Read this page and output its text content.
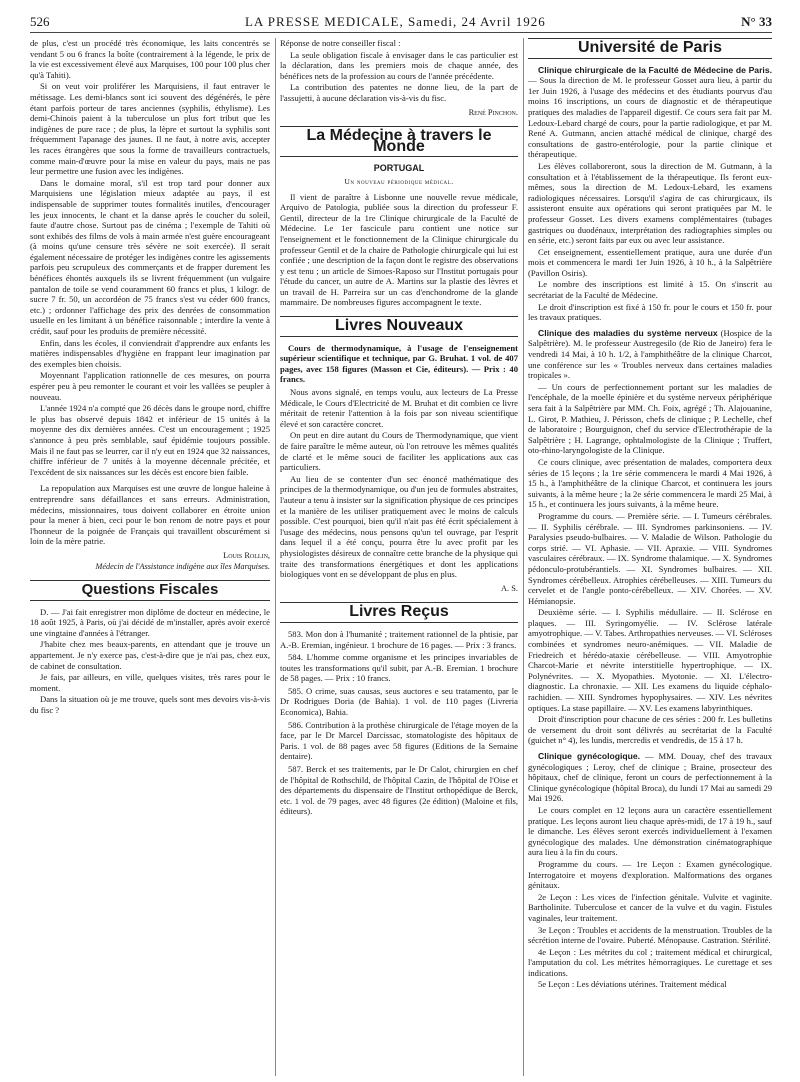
526	LA PRESSE MEDICALE, Samedi, 24 Avril 1926	N° 33

de plus, c'est un procédé très économique, les laits concentrés se vendant 5 ou 6 francs la boîte (contrairement à la légende, le prix de la vie est excessivement élevé aux Marquises, 100 pour 100 plus cher qu'à Tahiti).

Si on veut voir proliférer les Marquisiens, il faut entraver le métissage. Les demi-blancs sont ici souvent des dégénérés, le père étant parfois porteur de tares anciennes (syphilis, éthylisme). Les demi-Chinois paient à la tuberculose un plus fort tribut que les indigènes de pure race ; de plus, la lèpre et surtout la syphilis sont fréquemment l'apanage des jaunes. Il ne faut, à notre avis, accepter les races étrangères que sous la forme de travailleurs contractuels, comme main-d'œuvre pour la mise en valeur du pays, mais ne pas leur permettre une fusion avec les indigènes.

Dans le domaine moral, s'il est trop tard pour donner aux Marquisiens une législation mieux adaptée au pays, il est indispensable de supprimer toutes formalités inutiles, d'encourager les jeux innocents, le chant et la danse après le coucher du soleil, faute d'autre chose. Surtout pas de cinéma ; l'exemple de Tahiti où sont exhibés des films de vols à main armée n'est guère encourageant (à moins qu'une censure très sévère ne soit exercée). Il serait également nécessaire de protéger les indigènes contre les agissements parfois peu scrupuleux des commerçants et de frapper durement les bénéfices éhontés auxquels ils se livrent fréquemment (un vulgaire pantalon de toile se vend couramment 60 francs et plus, 1 kilogr. de sucre 7 fr. 50, un accordéon de 75 francs s'est vu céder 600 francs, etc.) ; ordonner l'affichage des prix des denrées de consommation usuelle en les limitant à un bénéfice raisonnable ; interdire la vente à crédit, sauf pour les produits de première nécessité.

Enfin, dans les écoles, il conviendrait d'apprendre aux enfants les matières indispensables d'hygiène en frappant leur imagination par des exemples bien choisis.

Moyennant l'application rationnelle de ces mesures, on pourra espérer peu à peu remonter le courant et voir les vallées se peupler à nouveau.

L'année 1924 n'a compté que 26 décès dans le groupe nord, chiffre le plus bas observé depuis 1842 et inférieur de 15 unités à la moyenne des dix dernières années. C'est un encouragement ; 1925 s'annonce à peu près semblable, sauf épidémie toujours possible. Mais il ne faut pas se leurrer, car il n'y eut en 1924 que 32 naissances, chiffre inférieur de 7 unités à la moyenne décennale précitée, et l'excédent de six naissances sur les décès est encore bien faible.

La repopulation aux Marquises est une œuvre de longue haleine à entreprendre sans défaillances et sans erreurs. Administration, médecins, missionnaires, tous doivent collaborer en étroite union pour la mener à bien, ceci pour le bon renom de notre pays et pour l'honneur de la poignée de Français qui travaillent obscurément si loin de la mère patrie.

Louis Rollin,
Médecin de l'Assistance indigène aux îles Marquises.
Questions Fiscales

D. — J'ai fait enregistrer mon diplôme de docteur en médecine, le 18 août 1925, à Paris, où j'ai décidé de m'installer, après avoir exercé une vingtaine d'années à l'étranger.

J'habite chez mes beaux-parents, en attendant que je trouve un appartement. Je n'y exerce pas, c'est-à-dire que je n'ai pas, chez eux, de cabinet de consultation.

Je fais, par ailleurs, en ville, quelques visites, très rares pour le moment.

Dans la situation où je me trouve, quels sont mes devoirs vis-à-vis du fisc ?

Réponse de notre conseiller fiscal :

La seule obligation fiscale à envisager dans le cas particulier est la déclaration, dans les premiers mois de chaque année, des bénéfices nets de la profession au cours de l'année précédente.

La contribution des patentes ne donne lieu, de la part de l'assujetti, à aucune déclaration vis-à-vis du fisc.

René Pinchon.
La Médecine à travers le Monde
PORTUGAL
Un nouveau périodique médical.

Il vient de paraître à Lisbonne une nouvelle revue médicale, Arquivo de Patologia, publiée sous la direction du professeur F. Gentil, directeur de la 1re Clinique chirurgicale de la Faculté de Médecine. Le 1er fascicule paru contient une notice sur l'enseignement et le fonctionnement de la Clinique chirurgicale du professeur Gentil et de la chaire de Pathologie chirurgicale qui lui est confiée ; une description de la façon dont le registre des observations y est tenu ; un article de Simoes-Raposo sur l'Institut portugais pour l'étude du cancer, un autre de A. Martins sur la plastie des lèvres et un travail de H. Parreira sur un cas d'enchondrome de la glande mammaire. De nombreuses figures accompagnent le texte.

Livres Nouveaux

Cours de thermodynamique, à l'usage de l'enseignement supérieur scientifique et technique, par G. Bruhat. 1 vol. de 407 pages, avec 158 figures (Masson et Cie, éditeurs). — Prix : 40 francs.

Nous avons signalé, en temps voulu, aux lecteurs de La Presse Médicale, le Cours d'Electricité de M. Bruhat et dit combien ce livre méritait de retenir l'attention à la fois par son niveau scientifique élevé et son caractère concret.

On peut en dire autant du Cours de Thermodynamique, que vient de faire paraître le même auteur, où l'on retrouve les mêmes qualités de clarté et le même souci de faciliter les applications aux cas particuliers.

Au lieu de se contenter d'un sec énoncé mathématique des principes de la thermodynamique, ou d'un jeu de formules abstraites, l'auteur a tenu à insister sur la signification physique de ces principes et la manière de les utiliser pratiquement avec le moins de calculs possible. C'est pourquoi, bien qu'il n'ait pas été écrit spécialement à l'usage des médecins, nous pensons qu'un tel ouvrage, par l'esprit dans lequel il a été conçu, pourra être lu avec profit par les physiologistes désireux de connaître cette branche de la physique qui traite des transformations énergétiques et dont les applications biologiques vont en se développant de plus en plus.

A. S.
Livres Reçus

583. Mon don à l'humanité ; traitement rationnel de la phtisie, par A.-B. Eremian, ingénieur. 1 brochure de 16 pages. — Prix : 3 francs.

584. L'homme comme organisme et les principes invariables de toutes les transformations qu'il subit, par A.-B. Eremian. 1 brochure de 58 pages. — Prix : 10 francs.

585. O crime, suas causas, seus auctores e seu tratamento, par le Dr Rodrigues Doria (de Bahia). 1 vol. de 110 pages (Livreria Economica), Bahia.

586. Contribution à la prothèse chirurgicale de l'étage moyen de la face, par le Dr Marcel Darcissac, stomatologiste des hôpitaux de Paris. 1 vol. de 88 pages avec 58 figures (Editions de la Semaine dentaire).

587. Berck et ses traitements, par le Dr Calot, chirurgien en chef de l'hôpital de Rothschild, de l'hôpital Cazin, de l'hôpital de l'Oise et des départements du dispensaire de l'Institut orthopédique de Berck, etc. 1 vol. de 79 pages, avec 48 figures (2e édition) (Maloine et fils, éditeurs).

Université de Paris

Clinique chirurgicale de la Faculté de Médecine de Paris. — Sous la direction de M. le professeur Gosset aura lieu, à partir du 1er Juin 1926, à l'usage des médecins et des étudiants pourvus d'au moins 16 inscriptions, un cours de diagnostic et de thérapeutique pratiques des maladies de l'appareil digestif. Ce cours sera fait par M. Ledoux-Lebard chargé de cours, pour la partie radiologique, et par M. René A. Gutmann, ancien attaché médical de clinique, chargé des consultations de gastro-entérologie, pour la partie clinique et thérapeutique.

Les élèves collaboreront, sous la direction de M. Gutmann, à la consultation et à l'établissement de la thérapeutique. Ils feront eux-mêmes, sous la direction de M. Ledoux-Lebard, les examens radiologiques nécessaires. Lorsqu'il s'agira de cas chirurgicaux, ils assisteront ensuite aux opérations qui seront pratiquées par M. le professeur Gosset. Les divers examens complémentaires (tubages gastriques ou duodénaux, interprétation des radiographies simples ou en série, etc.) seront faits par eux ou avec leur assistance.

Cet enseignement, essentiellement pratique, aura une durée d'un mois et commencera le mardi 1er Juin 1926, à 10 h., à la Salpêtrière (Pavillon Osiris).

Le nombre des inscriptions est limité à 15. On s'inscrit au secrétariat de la Faculté de Médecine.

Le droit d'inscription est fixé à 150 fr. pour le cours et 150 fr. pour les travaux pratiques.

Clinique des maladies du système nerveux (Hospice de la Salpêtrière). M. le professeur Austregesilo (de Rio de Janeiro) fera le vendredi 14 Mai, à 10 h. 1/2, à l'amphithéâtre de la clinique Charcot, une conférence sur les « Troubles nerveux dans certaines maladies tropicales ».

— Un cours de perfectionnement portant sur les maladies de l'encéphale, de la moelle épinière et du système nerveux périphérique sera fait à la Salpêtrière par MM. Ch. Foix, agrégé ; Th. Alajouanine, L. Girot, P. Mathieu, J. Périsson, chefs de clinique ; P. Lechelle, chef de laboratoire ; Bourguignon, chef du service d'Electrothérapie de la Salpêtrière ; H. Lagrange, ophtalmologiste de la Clinique ; Truffert, oto-rhino-laryngologiste de la Clinique.

Ce cours clinique, avec présentation de malades, comportera deux séries de 15 leçons ; la 1re série commencera le mardi 4 Mai 1926, à 15 h., à l'amphithéâtre de la clinique Charcot, et continuera les jours suivants, à la même heure ; la 2e série commencera le mardi 25 Mai, à 15 h., et continuera les jours suivants, à la même heure.

Programme du cours. — Première série. — I. Tumeurs cérébrales. — II. Syphilis cérébrale. — III. Syndromes parkinsoniens. — IV. Paralysies pseudo-bulbaires. — V. Maladie de Wilson. Pathologie du corps strié. — VI. Aphasie. — VII. Apraxie. — VIII. Syndromes vasculaires cérébraux. — IX. Syndrome thalamique. — X. Syndromes pédonculo-protubérantiels. — XI. Syndromes bulbaires. — XII. Syndromes cérébelleux. Atrophies cérébelleuses. — XIII. Tumeurs du cervelet et de l'angle ponto-cérébelleux. — XIV. Chorées. — XV. Hémianopsie.

Deuxième série. — I. Syphilis médullaire. — II. Sclérose en plaques. — III. Syringomyélie. — IV. Sclérose latérale amyotrophique. — V. Tabes. Arthropathies nerveuses. — VI. Scléroses combinées et syndromes neuro-anémiques. — VII. Maladie de Friedreich et hérédo-ataxie cérébelleuse. — VIII. Amyotrophie Charcot-Marie et névrite interstitielle hypertrophique. — IX. Polynévrites. — X. Myopathies. Myotonie. — XI. L'électro-diagnostic. La chronaxie. — XII. Les examens du liquide céphalo-rachidien. — XIII. Syndromes hypophysaires. — XIV. Les névrites optiques. La stase papillaire. — XV. Les examens labyrinthiques.

Droit d'inscription pour chacune de ces séries : 200 fr. Les bulletins de versement du droit sont délivrés au secrétariat de la Faculté (guichet n° 4), les lundis, mercredis et vendredis, de 15 à 17 h.

Clinique gynécologique. — MM. Douay, chef des travaux gynécologiques ; Leroy, chef de clinique ; Braine, prosecteur des hôpitaux, chef de clinique, feront un cours de perfectionnement à la Clinique gynécologique (hôpital Broca), du lundi 17 Mai au samedi 29 Mai 1926.

Le cours complet en 12 leçons aura un caractère essentiellement pratique. Les leçons auront lieu chaque après-midi, de 17 à 19 h., sauf le dimanche. Les élèves seront exercés individuellement à l'examen gynécologique des malades. Une démonstration cinématographique aura lieu à la fin du cours.

Programme du cours. — 1re Leçon : Examen gynécologique. Interrogatoire et moyens d'exploration. Malformations des organes génitaux.

2e Leçon : Les vices de l'infection génitale. Vulvite et vaginite. Bartholinite. Tuberculose et cancer de la vulve et du vagin. Fistules vaginales, leur traitement.

3e Leçon : Troubles et accidents de la menstruation. Troubles de la sécrétion interne de l'ovaire. Puberté. Ménopause. Castration. Stérilité.

4e Leçon : Les métrites du col ; traitement médical et chirurgical, l'amputation du col. Les métrites hémorragiques. Le curettage et ses indications.

5e Leçon : Les déviations utérines. Traitement médical
